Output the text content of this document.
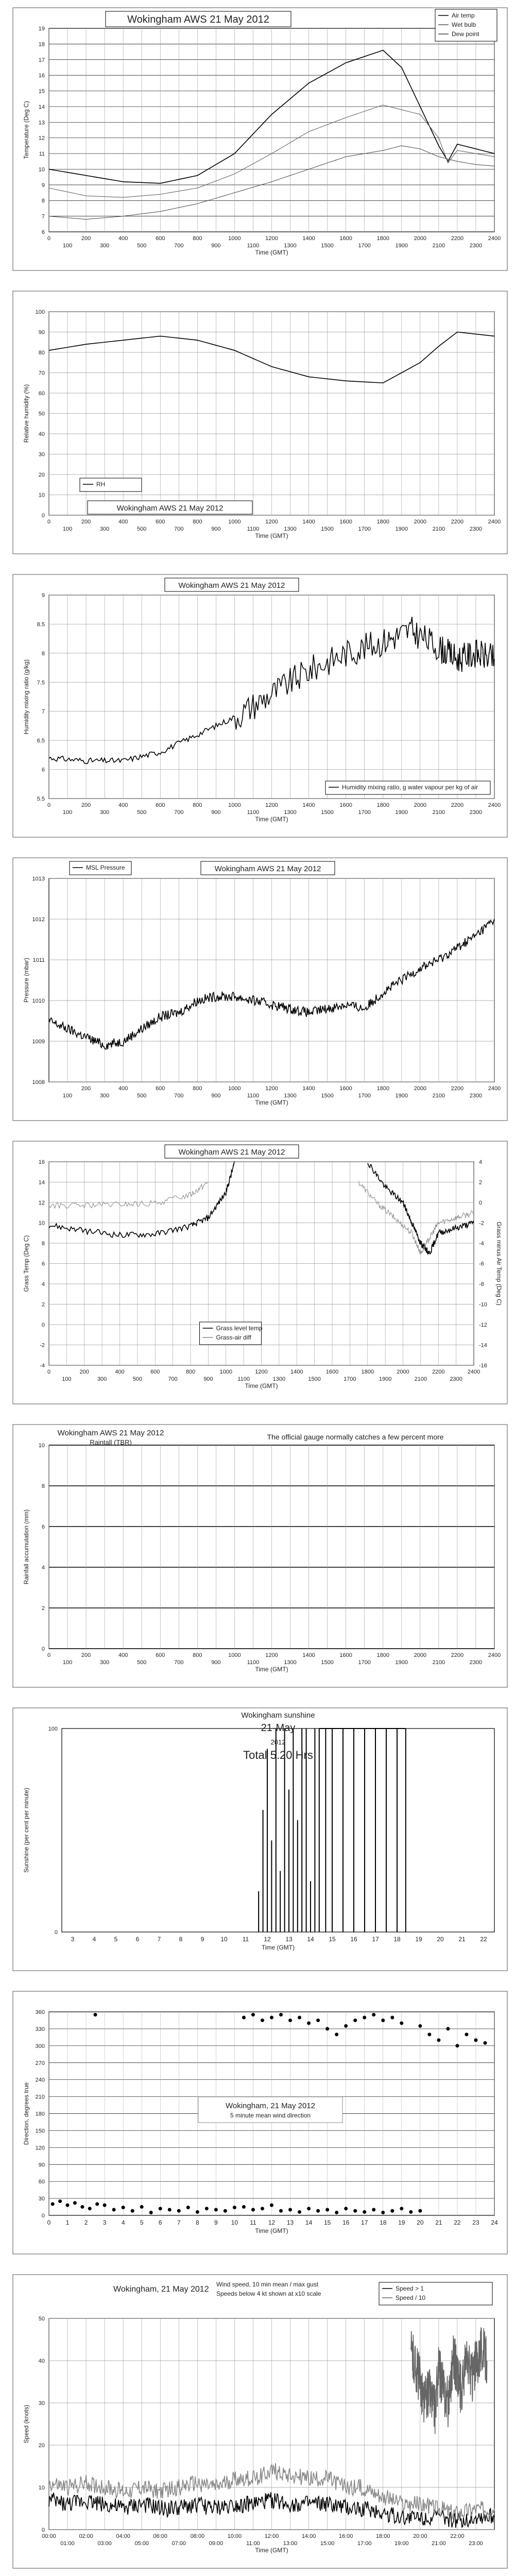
6
7
8
9
10
11
12
13
14
15
16
17
18
19
0	200	400	600	800	1000	1200	1400	1600	1800	2000	2200	2400
100	300	500	700	900	1100	1300	1500	1700	1900	2100	2300
Time (GMT)
Temperature (Deg C)
Wokingham AWS 21 May 2012	Air temp
Wet bulb
Dew point
0
10
20
30
40
50
60
70
80
90
100
0	200	400	600	800	1000	1200	1400	1600	1800	2000	2200	2400
100	300	500	700	900	1100	1300	1500	1700	1900	2100	2300
Time (GMT)
Relative humidity (%)
Wokingham AWS 21 May 2012
RH
5.5
6
6.5
7
7.5
8
8.5
9
0	200	400	600	800	1000	1200	1400	1600	1800	2000	2200	2400
100	300	500	700	900	1100	1300	1500	1700	1900	2100	2300
Time (GMT)
Humidity mixing ratio (g/kg)
Wokingham AWS 21 May 2012
Humidity mixing ratio, g water vapour per kg of air
1008
1009
1010
1011
1012
1013
200	400	600	800	1000	1200	1400	1600	1800	2000	2200	2400
100	300	500	700	900	1100	1300	1500	1700	1900	2100	2300
Time (GMT)
Pressure (mbar)
Wokingham AWS 21 May 2012
MSL Pressure
-4
-2
0
2
4
6
8
10
12
14
16
-16
-14
-12
-10
-8
-6
-4
-2
0
2
4
0	200	400	600	800	1000	1200	1400	1600	1800	2000	2200	2400
100	300	500	700	900	1100	1300	1500	1700	1900	2100	2300
Time (GMT)
Grass Temp (Deg C)	Grass minus Air Temp (Deg C)
Wokingham AWS 21 May 2012
Grass level temp
Grass-air diff
0
2
4
6
8
10
0	200	400	600	800	1000	1200	1400	1600	1800	2000	2200	2400
100	300	500	700	900	1100	1300	1500	1700	1900	2100	2300
Time (GMT)
Rainfall accumulation (mm)
Wokingham AWS 21 May 2012
Raintall (TBR)
The official gauge normally catches a few percent more
0
100
3	4	5	6	7	8	9	10 11 12 13 14 15 16 17 18 19 20 21 22
Time (GMT)
Sunshine (per cent per minute)
Wokingham sunshine
21-May
2012
Total 5.20 Hrs
0
30
60
90
120
150
180
210
240
270
300
330
360
0 1 2 3 4 5 6 7 8 9 10 11 12 13 14 15 16 17 18 19 20 21 22 23 24
Time (GMT)
Direction, degrees true	Wokingham, 21 May 2012
5 minute mean wind direction
0
10
20
30
40
50
00:00	02:00	04:00	06:00	08:00	10:00	12:00	14:00	16:00	18:00	20:00	22:00
01:00	03:00	05:00	07:00	09:00	11:00	13:00	15:00	17:00	19:00	21:00	23:00
Time (GMT)
Speed (knots)
Wokingham, 21 May 2012
Wind speed, 10 min mean / max gust
Speeds below 4 kt shown at x10 scale
Speed > 1
Speed / 10
